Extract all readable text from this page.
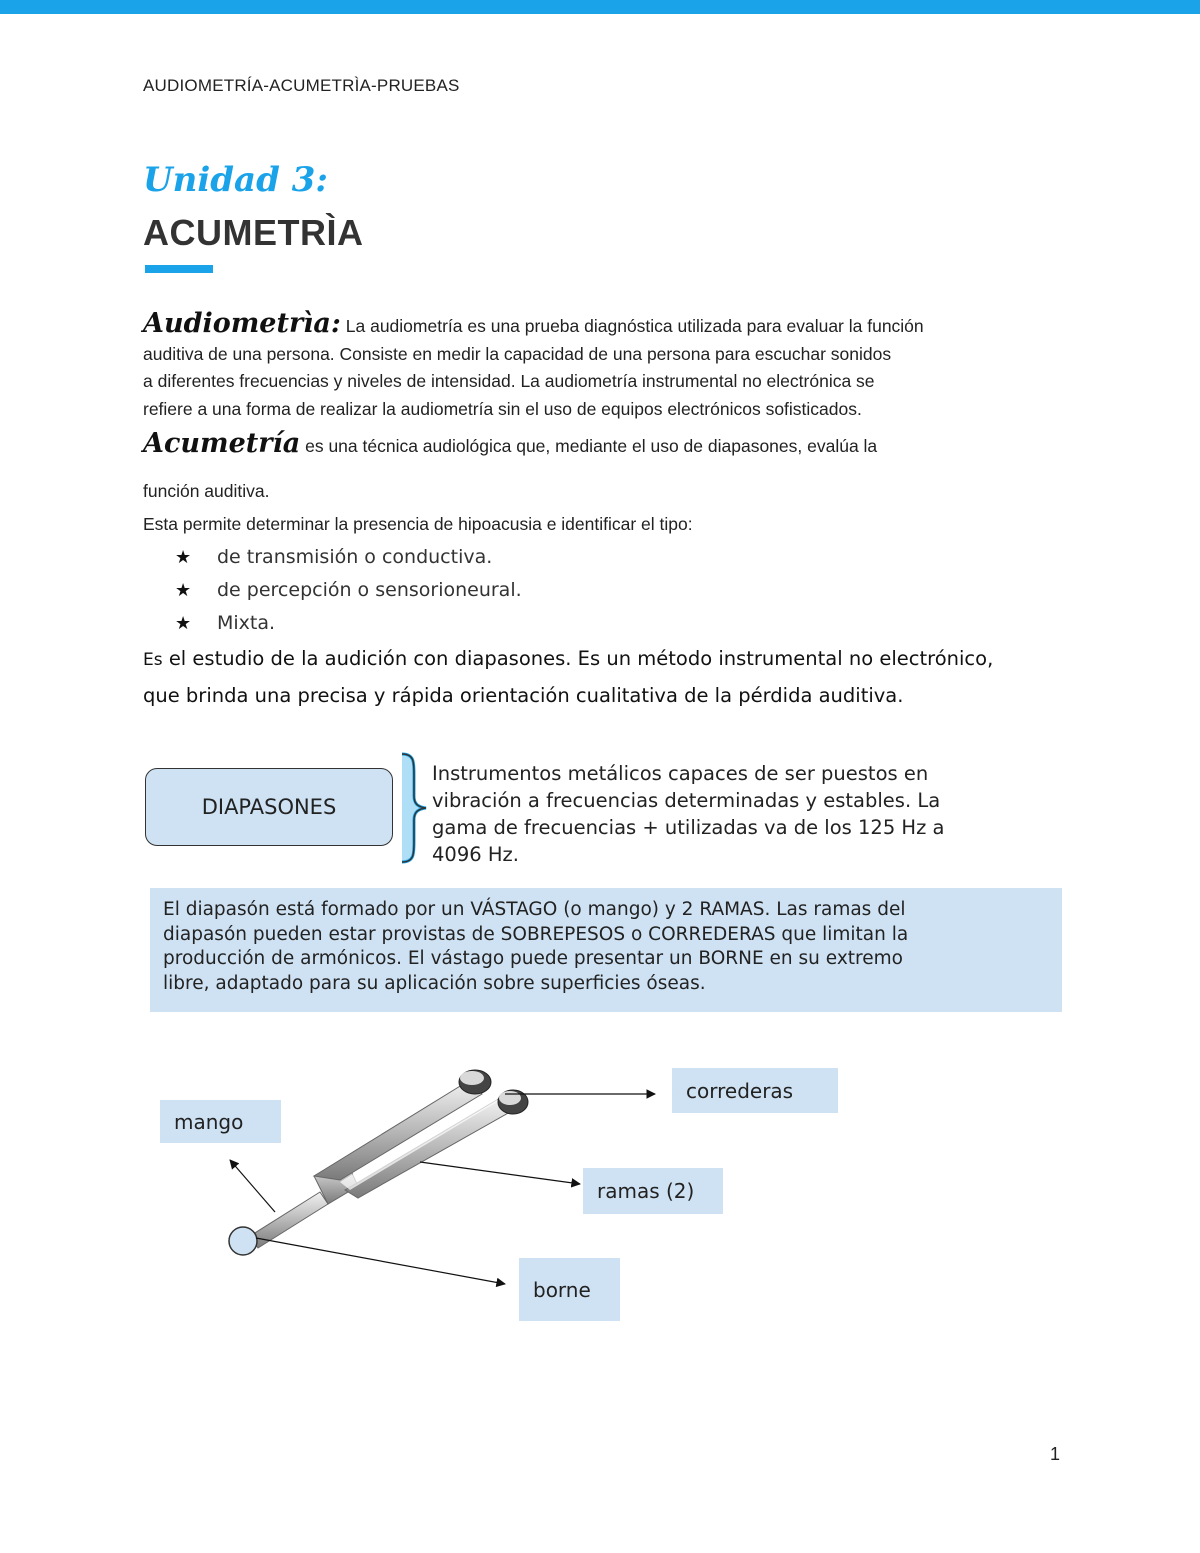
AUDIOMETRÍA-ACUMETRÌA-PRUEBAS
Unidad 3:
ACUMETRÌA
Audiometrìa: La audiometría es una prueba diagnóstica utilizada para evaluar la función
auditiva de una persona. Consiste en medir la capacidad de una persona para escuchar sonidos
a diferentes frecuencias y niveles de intensidad. La audiometría instrumental no electrónica se
refiere a una forma de realizar la audiometría sin el uso de equipos electrónicos sofisticados.
Acumetría es una técnica audiológica que, mediante el uso de diapasones, evalúa la
función auditiva.
Esta permite determinar la presencia de hipoacusia e identificar el tipo:
★ de transmisión o conductiva.
★ de percepción o sensorioneural.
★ Mixta.
Es el estudio de la audición con diapasones. Es un método instrumental no electrónico,
que brinda una precisa y rápida orientación cualitativa de la pérdida auditiva.
DIAPASONES
Instrumentos metálicos capaces de ser puestos en
vibración a frecuencias determinadas y estables. La
gama de frecuencias + utilizadas va de los 125 Hz a
4096 Hz.
El diapasón está formado por un VÁSTAGO (o mango) y 2 RAMAS. Las ramas del
diapasón pueden estar provistas de SOBREPESOS o CORREDERAS que limitan la
producción de armónicos. El vástago puede presentar un BORNE en su extremo
libre, adaptado para su aplicación sobre superficies óseas.
mango
correderas
ramas (2)
borne
1
